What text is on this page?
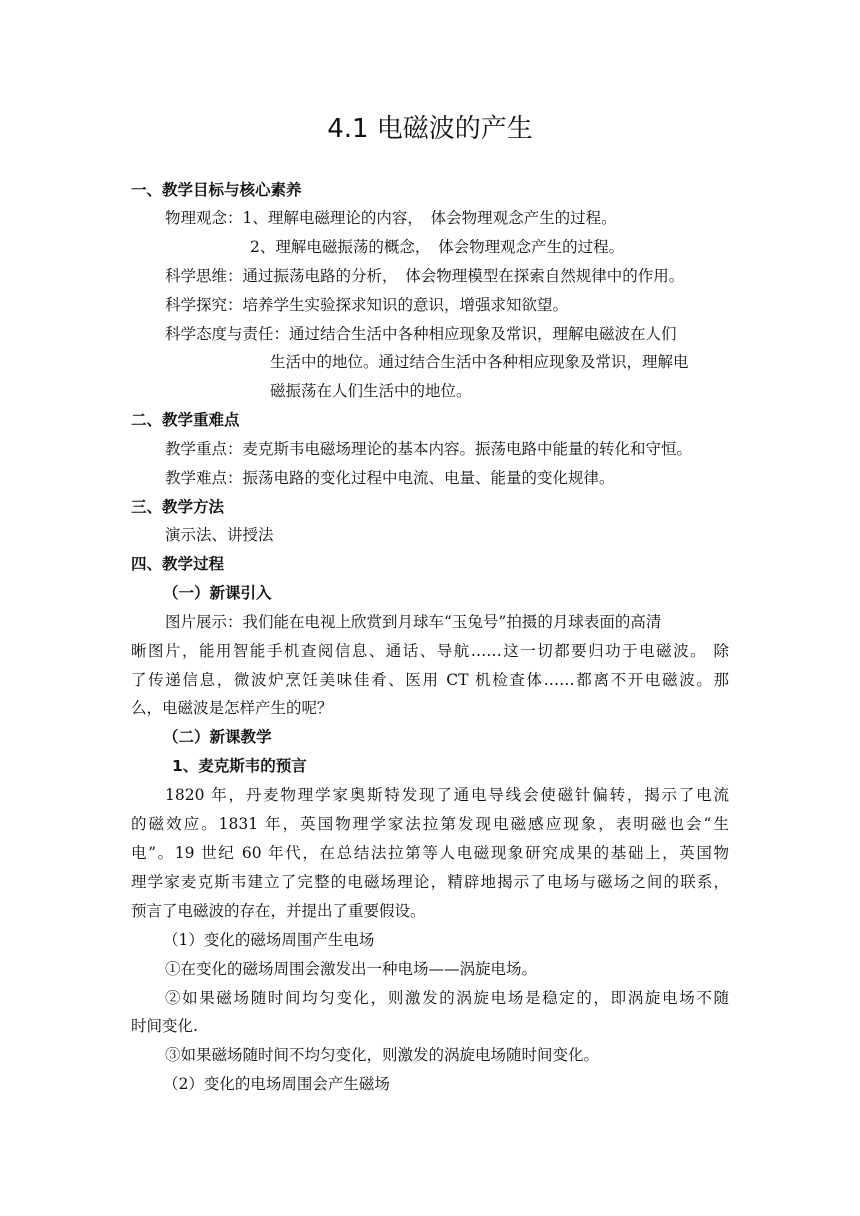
4.1 电磁波的产生
一、教学目标与核心素养
物理观念：1、理解电磁理论的内容，　体会物理观念产生的过程。
2、理解电磁振荡的概念，　体会物理观念产生的过程。
科学思维：通过振荡电路的分析，　体会物理模型在探索自然规律中的作用。
科学探究：培养学生实验探求知识的意识，增强求知欲望。
科学态度与责任：通过结合生活中各种相应现象及常识，理解电磁波在人们
生活中的地位。通过结合生活中各种相应现象及常识，理解电
磁振荡在人们生活中的地位。
二、教学重难点
教学重点：麦克斯韦电磁场理论的基本内容。振荡电路中能量的转化和守恒。
教学难点：振荡电路的变化过程中电流、电量、能量的变化规律。
三、教学方法
演示法、讲授法
四、教学过程
（一）新课引入
图片展示：我们能在电视上欣赏到月球车“玉兔号”拍摄的月球表面的高清
晰图片，能用智能手机查阅信息、通话、导航……这一切都要归功于电磁波。 除
了传递信息，微波炉烹饪美味佳肴、医用 CT 机检查体……都离不开电磁波。那
么，电磁波是怎样产生的呢？
（二）新课教学
1、麦克斯韦的预言
1820 年，丹麦物理学家奥斯特发现了通电导线会使磁针偏转，揭示了电流
的磁效应。1831 年，英国物理学家法拉第发现电磁感应现象，表明磁也会“生
电”。19 世纪 60 年代，在总结法拉第等人电磁现象研究成果的基础上，英国物
理学家麦克斯韦建立了完整的电磁场理论，精辟地揭示了电场与磁场之间的联系，
预言了电磁波的存在，并提出了重要假设。
（1）变化的磁场周围产生电场
①在变化的磁场周围会激发出一种电场——涡旋电场。
②如果磁场随时间均匀变化，则激发的涡旋电场是稳定的，即涡旋电场不随
时间变化.
③如果磁场随时间不均匀变化，则激发的涡旋电场随时间变化。
（2）变化的电场周围会产生磁场
